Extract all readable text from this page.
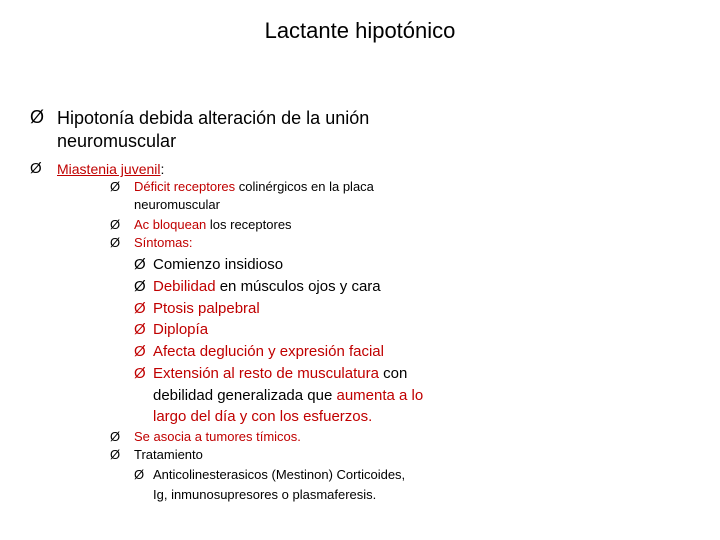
Lactante hipotónico
Ø Hipotonía debida alteración de la unión
neuromuscular
Ø Miastenia juvenil:
Ø Déficit receptores colinérgicos en la placa
neuromuscular
Ø Ac bloquean los receptores
Ø Síntomas:
Ø Comienzo insidioso
Ø Debilidad en músculos ojos y cara
Ø Ptosis palpebral
Ø Diplopía
Ø Afecta deglución y expresión facial
Ø Extensión al resto de musculatura con
debilidad generalizada que aumenta a lo
largo del día y con los esfuerzos.
Ø Se asocia a tumores tímicos.
Ø Tratamiento
Ø Anticolinesterasicos (Mestinon) Corticoides,
Ig, inmunosupresores o plasmaferesis.
